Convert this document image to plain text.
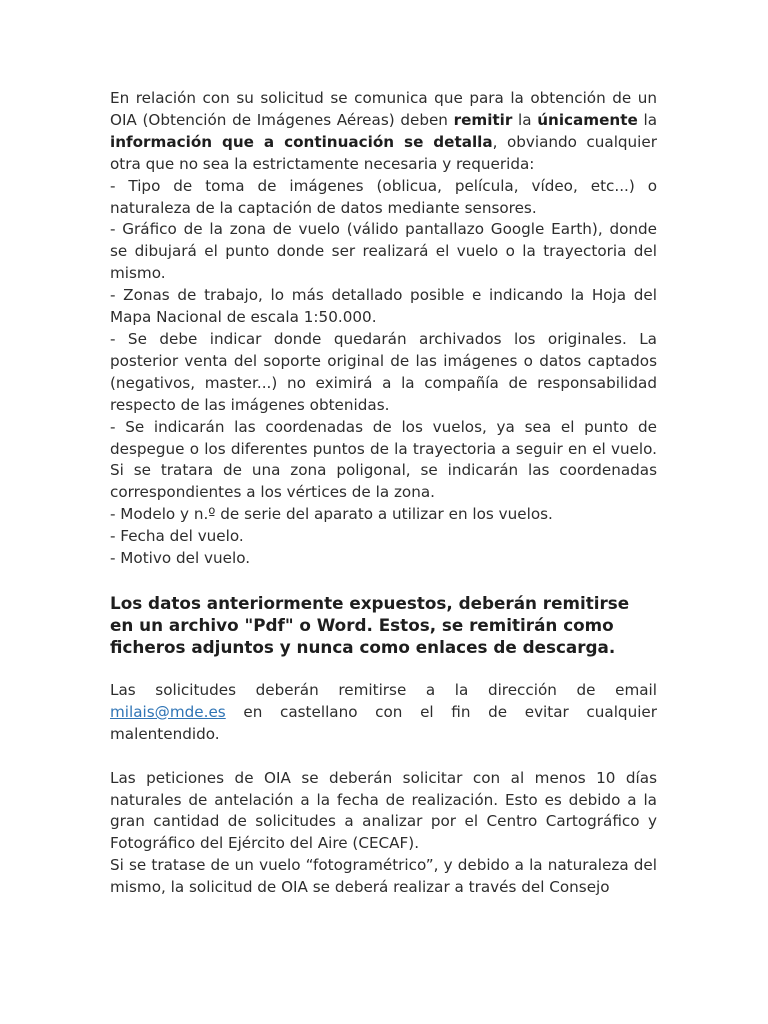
En relación con su solicitud se comunica que para la obtención de un OIA (Obtención de Imágenes Aéreas) deben remitir la únicamente la información que a continuación se detalla, obviando cualquier otra que no sea la estrictamente necesaria y requerida:

- Tipo de toma de imágenes (oblicua, película, vídeo, etc...) o naturaleza de la captación de datos mediante sensores.

- Gráfico de la zona de vuelo (válido pantallazo Google Earth), donde se dibujará el punto donde ser realizará el vuelo o la trayectoria del mismo.

- Zonas de trabajo, lo más detallado posible e indicando la Hoja del Mapa Nacional de escala 1:50.000.

- Se debe indicar donde quedarán archivados los originales. La posterior venta del soporte original de las imágenes o datos captados (negativos, master...) no eximirá a la compañía de responsabilidad respecto de las imágenes obtenidas.

- Se indicarán las coordenadas de los vuelos, ya sea el punto de despegue o los diferentes puntos de la trayectoria a seguir en el vuelo. Si se tratara de una zona poligonal, se indicarán las coordenadas correspondientes a los vértices de la zona.

- Modelo y n.º de serie del aparato a utilizar en los vuelos.

- Fecha del vuelo.

- Motivo del vuelo.

Los datos anteriormente expuestos, deberán remitirse en un archivo "Pdf" o Word. Estos, se remitirán como ficheros adjuntos y nunca como enlaces de descarga.

Las solicitudes deberán remitirse a la dirección de email milais@mde.es en castellano con el fin de evitar cualquier malentendido.

Las peticiones de OIA se deberán solicitar con al menos 10 días naturales de antelación a la fecha de realización. Esto es debido a la gran cantidad de solicitudes a analizar por el Centro Cartográfico y Fotográfico del Ejército del Aire (CECAF).

Si se tratase de un vuelo “fotogramétrico”, y debido a la naturaleza del mismo, la solicitud de OIA se deberá realizar a través del Consejo
